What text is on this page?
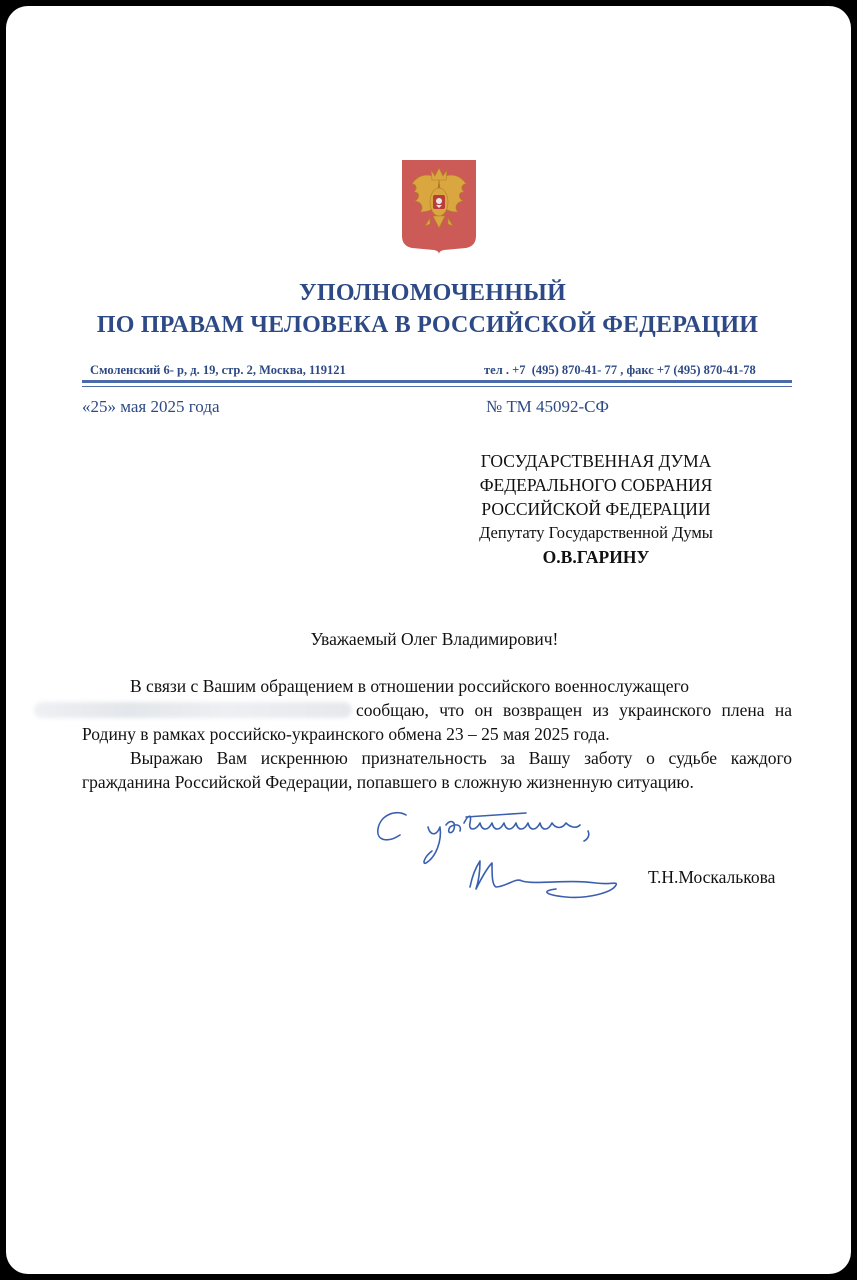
УПОЛНОМОЧЕННЫЙ
ПО ПРАВАМ ЧЕЛОВЕКА В РОССИЙСКОЙ ФЕДЕРАЦИИ
Смоленский 6- р, д. 19, стр. 2, Москва, 119121	тел . +7  (495) 870-41- 77 , факс +7 (495) 870-41-78
«25» мая 2025 года	№ ТМ 45092-СФ
ГОСУДАРСТВЕННАЯ ДУМА
ФЕДЕРАЛЬНОГО СОБРАНИЯ
РОССИЙСКОЙ ФЕДЕРАЦИИ
Депутату Государственной Думы
О.В.ГАРИНУ
Уважаемый Олег Владимирович!

В связи с Вашим обращением в отношении российского военнослужащего
сообщаю, что он возвращен из украинского плена на Родину в рамках российско-украинского обмена 23 – 25 мая 2025 года.

Выражаю Вам искреннюю признательность за Вашу заботу о судьбе каждого гражданина Российской Федерации, попавшего в сложную жизненную ситуацию.

Т.Н.Москалькова
